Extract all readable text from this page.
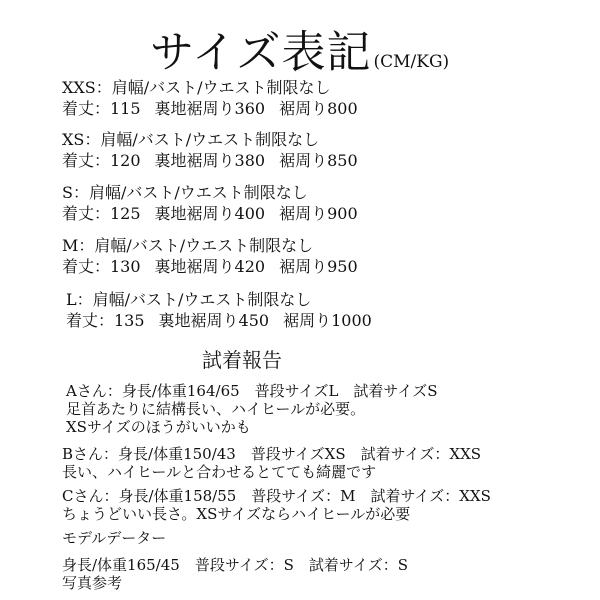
サイズ表記 (CM/KG)
XXS：肩幅/バスト/ウエスト制限なし
着丈：115 裏地裾周り360 裾周り800
XS：肩幅/バスト/ウエスト制限なし
着丈：120 裏地裾周り380 裾周り850
S：肩幅/バスト/ウエスト制限なし
着丈：125 裏地裾周り400 裾周り900
M：肩幅/バスト/ウエスト制限なし
着丈：130 裏地裾周り420 裾周り950
L：肩幅/バスト/ウエスト制限なし
着丈：135 裏地裾周り450 裾周り1000
試着報告
Aさん：身長/体重164/65　普段サイズL　試着サイズS
足首あたりに結構長い、ハイヒールが必要。
XSサイズのほうがいいかも
Bさん：身長/体重150/43　普段サイズXS　試着サイズ：XXS
長い、ハイヒールと合わせるとてても綺麗です
Cさん：身長/体重158/55　普段サイズ：M　試着サイズ：XXS
ちょうどいい長さ。XSサイズならハイヒールが必要
モデルデーター
身長/体重165/45　普段サイズ：S　試着サイズ：S
写真参考
